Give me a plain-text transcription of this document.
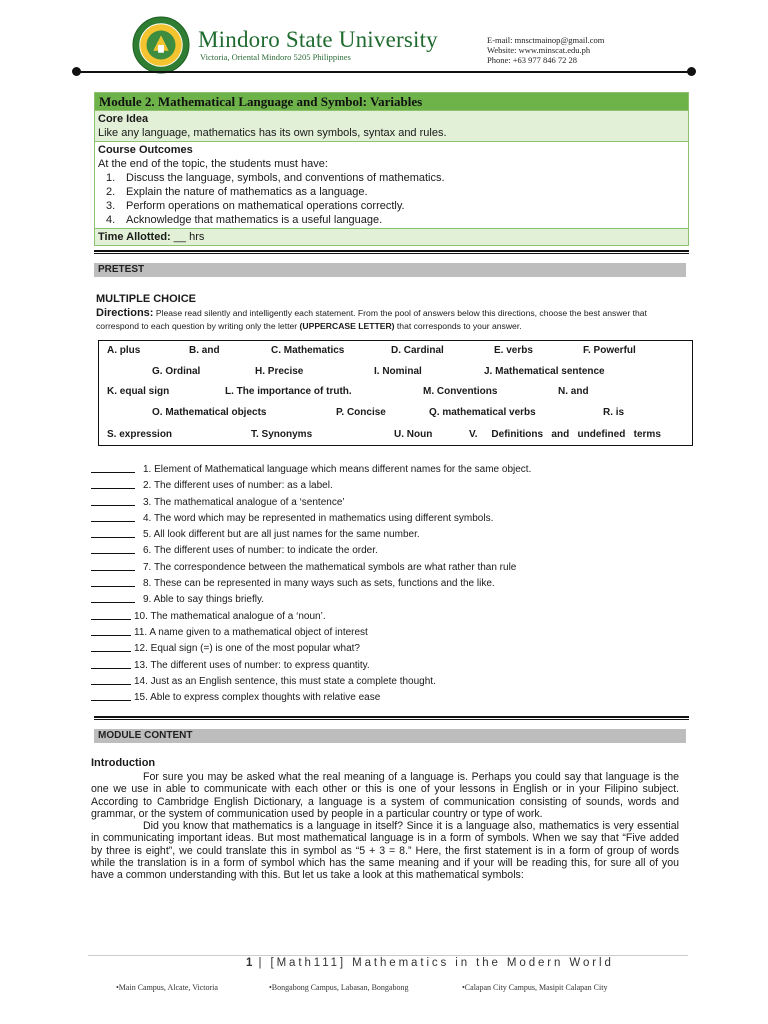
Mindoro State University
Victoria, Oriental Mindoro 5205 Philippines
E-mail: mnsctmainop@gmail.com
Website: www.minscat.edu.ph
Phone: +63 977 846 72 28
Module 2. Mathematical Language and Symbol: Variables
Core Idea
Like any language, mathematics has its own symbols, syntax and rules.
Course Outcomes
At the end of the topic, the students must have:
1. Discuss the language, symbols, and conventions of mathematics.
2. Explain the nature of mathematics as a language.
3. Perform operations on mathematical operations correctly.
4. Acknowledge that mathematics is a useful language.
Time Allotted: __ hrs
PRETEST
MULTIPLE CHOICE
Directions: Please read silently and intelligently each statement. From the pool of answers below this directions, choose the best answer that correspond to each question by writing only the letter (UPPERCASE LETTER) that corresponds to your answer.
A. plus	B. and	C. Mathematics	D. Cardinal	E. verbs	F. Powerful
G. Ordinal	H. Precise	I. Nominal	J. Mathematical sentence
K. equal sign	L. The importance of truth.	M. Conventions	N. and
O. Mathematical objects	P. Concise	Q. mathematical verbs	R. is
S. expression	T. Synonyms	U. Noun	V.     Definitions   and   undefined   terms
1. Element of Mathematical language which means different names for the same object.
2. The different uses of number: as a label.
3. The mathematical analogue of a ‘sentence’
4. The word which may be represented in mathematics using different symbols.
5. All look different but are all just names for the same number.
6. The different uses of number: to indicate the order.
7. The correspondence between the mathematical symbols are what rather than rule
8. These can be represented in many ways such as sets, functions and the like.
9. Able to say things briefly.
10. The mathematical analogue of a ‘noun’.
11. A name given to a mathematical object of interest
12. Equal sign (=) is one of the most popular what?
13. The different uses of number: to express quantity.
14. Just as an English sentence, this must state a complete thought.
15. Able to express complex thoughts with relative ease
MODULE CONTENT
Introduction

For sure you may be asked what the real meaning of a language is. Perhaps you could say that language is the one we use in able to communicate with each other or this is one of your lessons in English or in your Filipino subject. According to Cambridge English Dictionary, a language is a system of communication consisting of sounds, words and grammar, or the system of communication used by people in a particular country or type of work.

Did you know that mathematics is a language in itself? Since it is a language also, mathematics is very essential in communicating important ideas. But most mathematical language is in a form of symbols. When we say that “Five added by three is eight”, we could translate this in symbol as “5 + 3 = 8.” Here, the first statement is in a form of group of words while the translation is in a form of symbol which has the same meaning and if your will be reading this, for sure all of you have a common understanding with this. But let us take a look at this mathematical symbols:

1 | [Math111] Mathematics in the Modern World
•Main Campus, Alcate, Victoria	•Bongabong Campus, Labasan, Bongabong	•Calapan City Campus, Masipit Calapan City
